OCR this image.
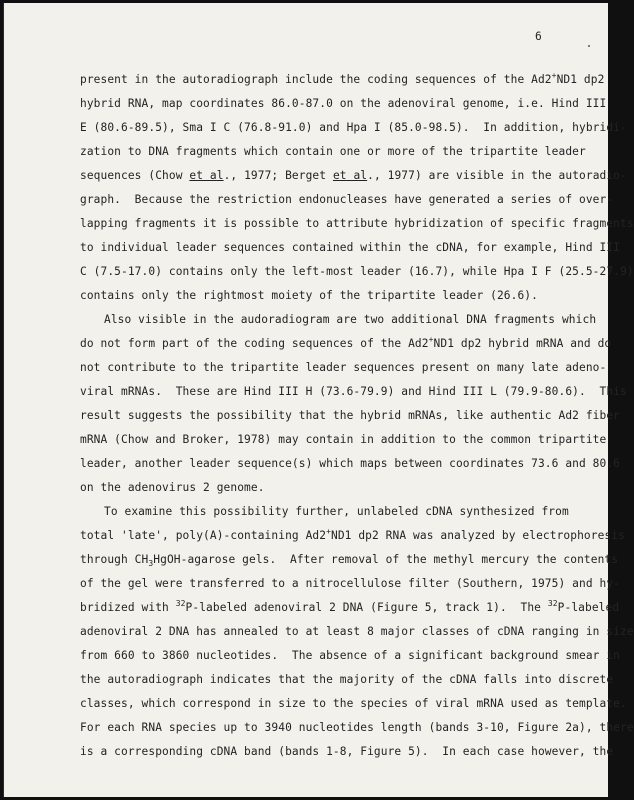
6
present in the autoradiograph include the coding sequences of the Ad2+ND1 dp2
hybrid RNA, map coordinates 86.0-87.0 on the adenoviral genome, i.e. Hind III
E (80.6-89.5), Sma I C (76.8-91.0) and Hpa I (85.0-98.5).  In addition, hybridi-
zation to DNA fragments which contain one or more of the tripartite leader
sequences (Chow et al., 1977; Berget et al., 1977) are visible in the autoradio-
graph.  Because the restriction endonucleases have generated a series of over-
lapping fragments it is possible to attribute hybridization of specific fragments
to individual leader sequences contained within the cDNA, for example, Hind III
C (7.5-17.0) contains only the left-most leader (16.7), while Hpa I F (25.5-27.9)
contains only the rightmost moiety of the tripartite leader (26.6).
Also visible in the audoradiogram are two additional DNA fragments which
do not form part of the coding sequences of the Ad2+ND1 dp2 hybrid mRNA and do
not contribute to the tripartite leader sequences present on many late adeno-
viral mRNAs.  These are Hind III H (73.6-79.9) and Hind III L (79.9-80.6).  This
result suggests the possibility that the hybrid mRNAs, like authentic Ad2 fiber
mRNA (Chow and Broker, 1978) may contain in addition to the common tripartite
leader, another leader sequence(s) which maps between coordinates 73.6 and 80.6
on the adenovirus 2 genome.
To examine this possibility further, unlabeled cDNA synthesized from
total 'late', poly(A)-containing Ad2+ND1 dp2 RNA was analyzed by electrophoresis
through $CH_3HgOH$-agarose gels.  After removal of the methyl mercury the contents
of the gel were transferred to a nitrocellulose filter (Southern, 1975) and hy-
bridized with $^{32}$P-labeled adenoviral 2 DNA (Figure 5, track 1).  The $^{32}$P-labeled
adenoviral 2 DNA has annealed to at least 8 major classes of cDNA ranging in size
from 660 to 3860 nucleotides.  The absence of a significant background smear in
the autoradiograph indicates that the majority of the cDNA falls into discrete
classes, which correspond in size to the species of viral mRNA used as template.
For each RNA species up to 3940 nucleotides length (bands 3-10, Figure 2a), there
is a corresponding cDNA band (bands 1-8, Figure 5).  In each case however, the
